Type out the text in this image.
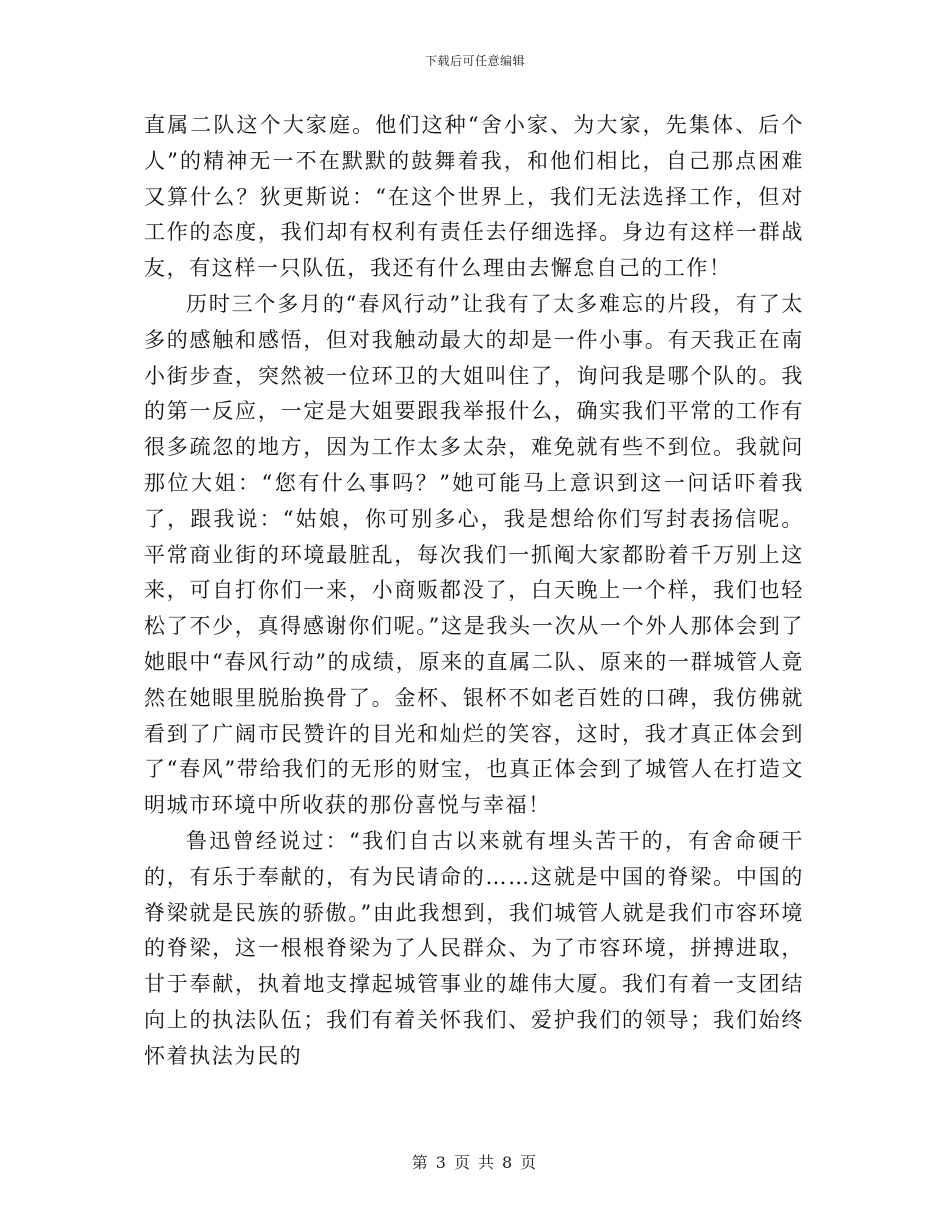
下载后可任意编辑

直属二队这个大家庭。他们这种“舍小家、为大家，先集体、后个人”的精神无一不在默默的鼓舞着我，和他们相比，自己那点困难又算什么？狄更斯说：“在这个世界上，我们无法选择工作，但对工作的态度，我们却有权利有责任去仔细选择。身边有这样一群战友，有这样一只队伍，我还有什么理由去懈怠自己的工作！

历时三个多月的“春风行动”让我有了太多难忘的片段，有了太多的感触和感悟，但对我触动最大的却是一件小事。有天我正在南小街步查，突然被一位环卫的大姐叫住了，询问我是哪个队的。我的第一反应，一定是大姐要跟我举报什么，确实我们平常的工作有很多疏忽的地方，因为工作太多太杂，难免就有些不到位。我就问那位大姐：“您有什么事吗？”她可能马上意识到这一问话吓着我了，跟我说：“姑娘，你可别多心，我是想给你们写封表扬信呢。平常商业街的环境最脏乱，每次我们一抓阄大家都盼着千万别上这来，可自打你们一来，小商贩都没了，白天晚上一个样，我们也轻松了不少，真得感谢你们呢。”这是我头一次从一个外人那体会到了她眼中“春风行动”的成绩，原来的直属二队、原来的一群城管人竟然在她眼里脱胎换骨了。金杯、银杯不如老百姓的口碑，我仿佛就看到了广阔市民赞许的目光和灿烂的笑容，这时，我才真正体会到了“春风”带给我们的无形的财宝，也真正体会到了城管人在打造文明城市环境中所收获的那份喜悦与幸福！

鲁迅曾经说过：“我们自古以来就有埋头苦干的，有舍命硬干的，有乐于奉献的，有为民请命的……这就是中国的脊梁。中国的脊梁就是民族的骄傲。”由此我想到，我们城管人就是我们市容环境的脊梁，这一根根脊梁为了人民群众、为了市容环境，拼搏进取，甘于奉献，执着地支撑起城管事业的雄伟大厦。我们有着一支团结向上的执法队伍；我们有着关怀我们、爱护我们的领导；我们始终怀着执法为民的

第 3 页 共 8 页
